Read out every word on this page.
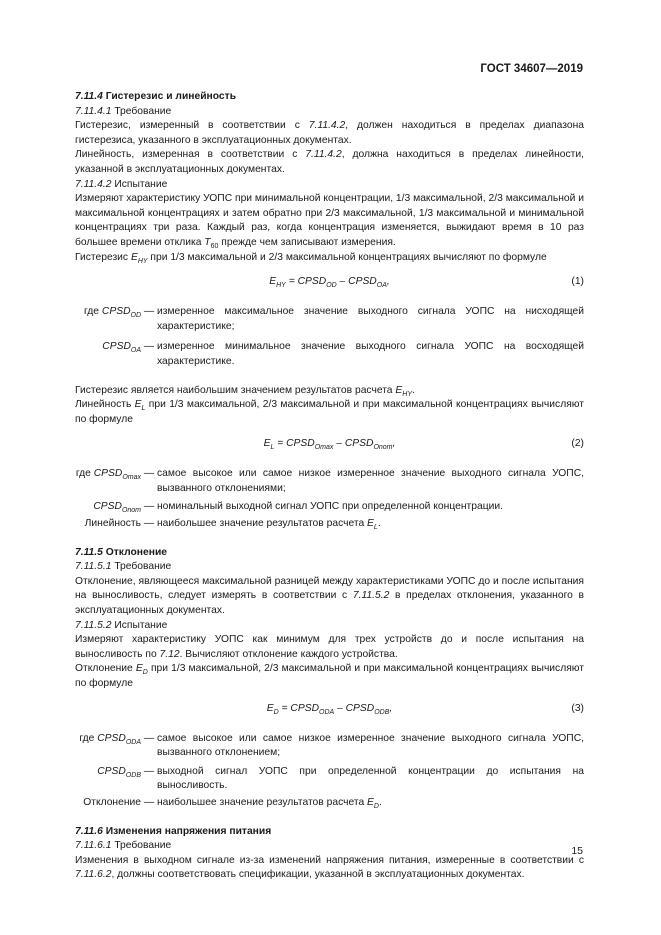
ГОСТ 34607—2019

7.11.4 Гистерезис и линейность

7.11.4.1 Требование

Гистерезис, измеренный в соответствии с 7.11.4.2, должен находиться в пределах диапазона гистерезиса, указанного в эксплуатационных документах.

Линейность, измеренная в соответствии с 7.11.4.2, должна находиться в пределах линейности, указанной в эксплуатационных документах.

7.11.4.2 Испытание

Измеряют характеристику УОПС при минимальной концентрации, 1/3 максимальной, 2/3 максимальной и максимальной концентрациях и затем обратно при 2/3 максимальной, 1/3 максимальной и минимальной концентрациях три раза. Каждый раз, когда концентрация изменяется, выжидают время в 10 раз большее времени отклика $T_{60}$ прежде чем записывают измерения.

Гистерезис $E_{HY}$ при 1/3 максимальной и 2/3 максимальной концентрациях вычисляют по формуле

$E_{HY}$ = $CPSD_{OD}$ – $CPSD_{OA}$,	(1)
где $CPSD_{OD}$ — измеренное максимальное значение выходного сигнала УОПС на нисходящей характеристике;
$CPSD_{OA}$ — измеренное минимальное значение выходного сигнала УОПС на восходящей характеристике.

Гистерезис является наибольшим значением результатов расчета $E_{HY}$.

Линейность $E_L$ при 1/3 максимальной, 2/3 максимальной и при максимальной концентрациях вычисляют по формуле

$E_L$ = $CPSD_{Omax}$ – $CPSD_{Onom}$,	(2)
где $CPSD_{Omax}$ — самое высокое или самое низкое измеренное значение выходного сигнала УОПС, вызванного отклонениями;
$CPSD_{Onom}$ — номинальный выходной сигнал УОПС при определенной концентрации.
Линейность — наибольшее значение результатов расчета $E_L$.

7.11.5 Отклонение

7.11.5.1 Требование

Отклонение, являющееся максимальной разницей между характеристиками УОПС до и после испытания на выносливость, следует измерять в соответствии с 7.11.5.2 в пределах отклонения, указанного в эксплуатационных документах.

7.11.5.2 Испытание

Измеряют характеристику УОПС как минимум для трех устройств до и после испытания на выносливость по 7.12. Вычисляют отклонение каждого устройства.

Отклонение $E_D$ при 1/3 максимальной, 2/3 максимальной и при максимальной концентрациях вычисляют по формуле

$E_D$ = $CPSD_{ODA}$ – $CPSD_{ODB}$,	(3)
где $CPSD_{ODA}$ — самое высокое или самое низкое измеренное значение выходного сигнала УОПС, вызванного отклонением;
$CPSD_{ODB}$ — выходной сигнал УОПС при определенной концентрации до испытания на выносливость.
Отклонение — наибольшее значение результатов расчета $E_D$.

7.11.6 Изменения напряжения питания

7.11.6.1 Требование

Изменения в выходном сигнале из-за изменений напряжения питания, измеренные в соответствии с 7.11.6.2, должны соответствовать спецификации, указанной в эксплуатационных документах.

15
